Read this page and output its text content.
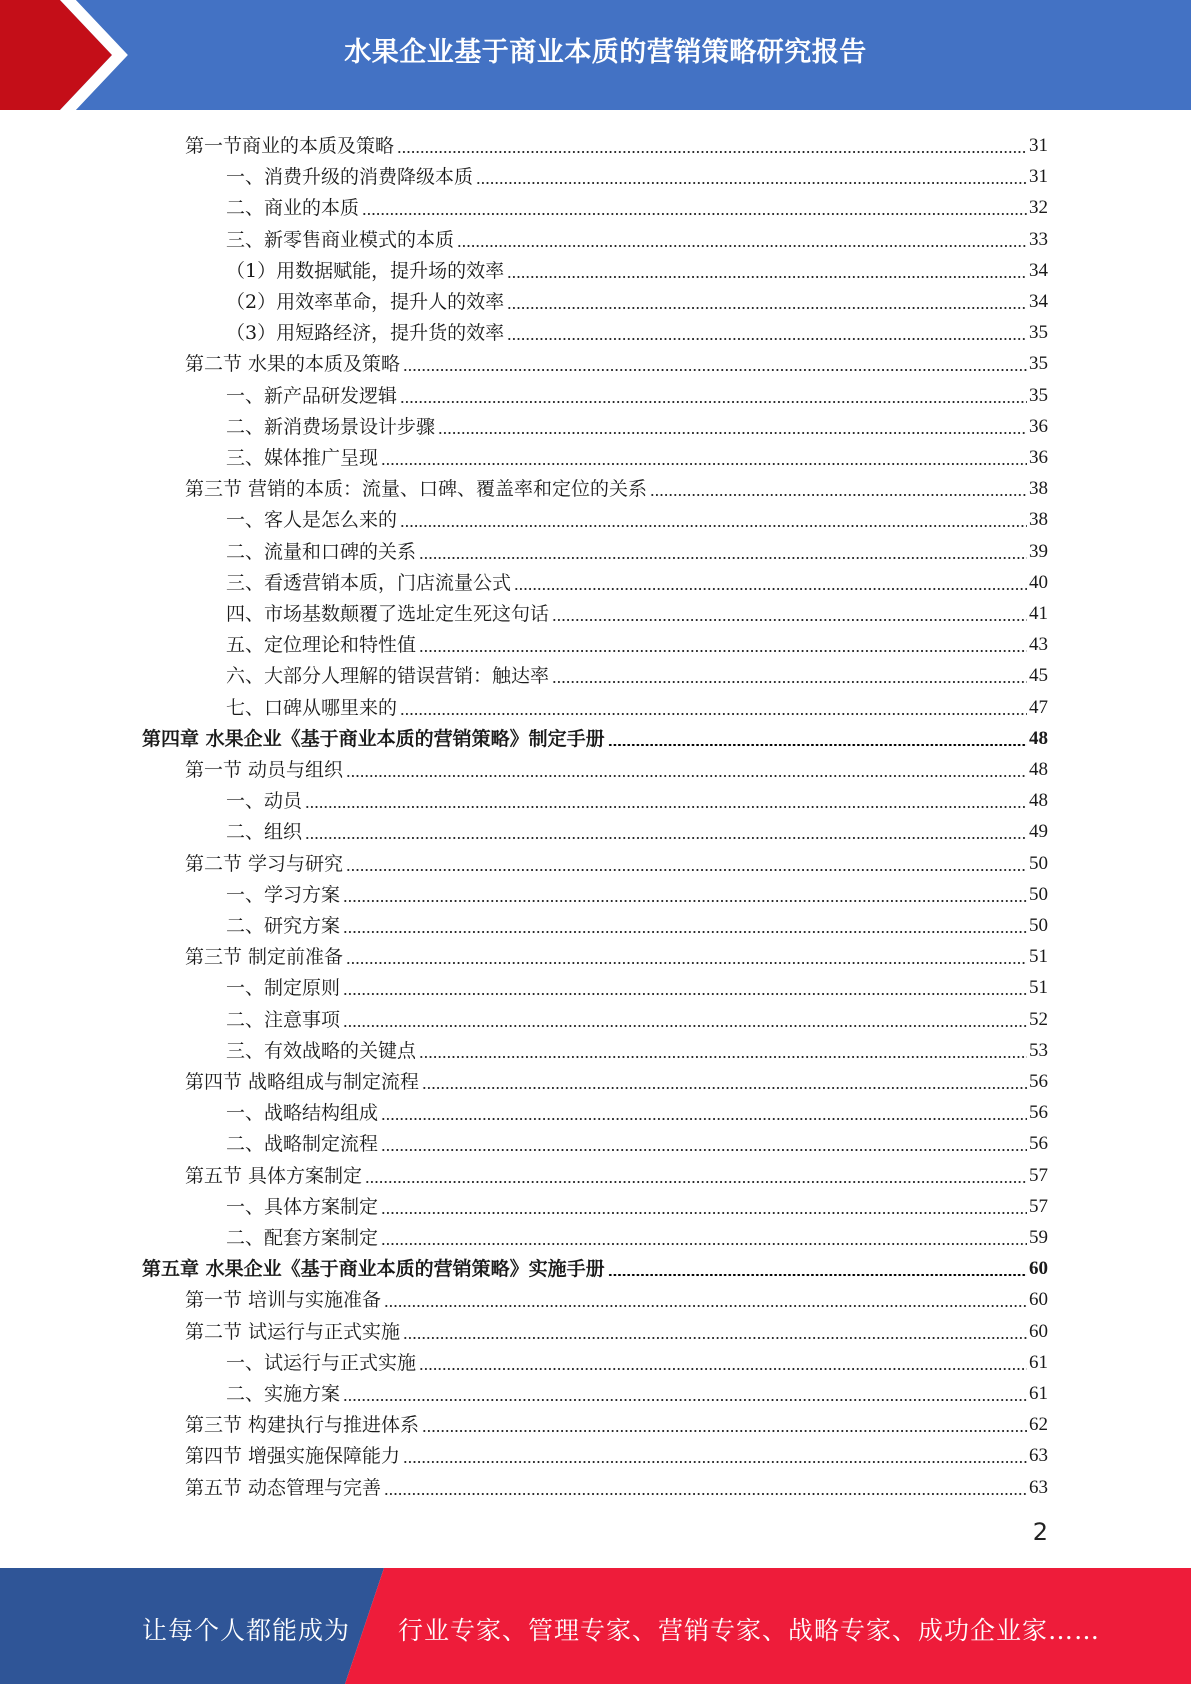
水果企业基于商业本质的营销策略研究报告
第一节商业的本质及策略	31
一、消费升级的消费降级本质	31
二、商业的本质	32
三、新零售商业模式的本质	33
（1）用数据赋能，提升场的效率	34
（2）用效率革命，提升人的效率	34
（3）用短路经济，提升货的效率	35
第二节 水果的本质及策略	35
一、新产品研发逻辑	35
二、新消费场景设计步骤	36
三、媒体推广呈现	36
第三节 营销的本质：流量、口碑、覆盖率和定位的关系	38
一、客人是怎么来的	38
二、流量和口碑的关系	39
三、看透营销本质，门店流量公式	40
四、市场基数颠覆了选址定生死这句话	41
五、定位理论和特性值	43
六、大部分人理解的错误营销：触达率	45
七、口碑从哪里来的	47
第四章 水果企业《基于商业本质的营销策略》制定手册	48
第一节 动员与组织	48
一、动员	48
二、组织	49
第二节 学习与研究	50
一、学习方案	50
二、研究方案	50
第三节 制定前准备	51
一、制定原则	51
二、注意事项	52
三、有效战略的关键点	53
第四节 战略组成与制定流程	56
一、战略结构组成	56
二、战略制定流程	56
第五节 具体方案制定	57
一、具体方案制定	57
二、配套方案制定	59
第五章 水果企业《基于商业本质的营销策略》实施手册	60
第一节 培训与实施准备	60
第二节 试运行与正式实施	60
一、试运行与正式实施	61
二、实施方案	61
第三节 构建执行与推进体系	62
第四节 增强实施保障能力	63
第五节 动态管理与完善	63
2
让每个人都能成为 行业专家、管理专家、营销专家、战略专家、成功企业家……
